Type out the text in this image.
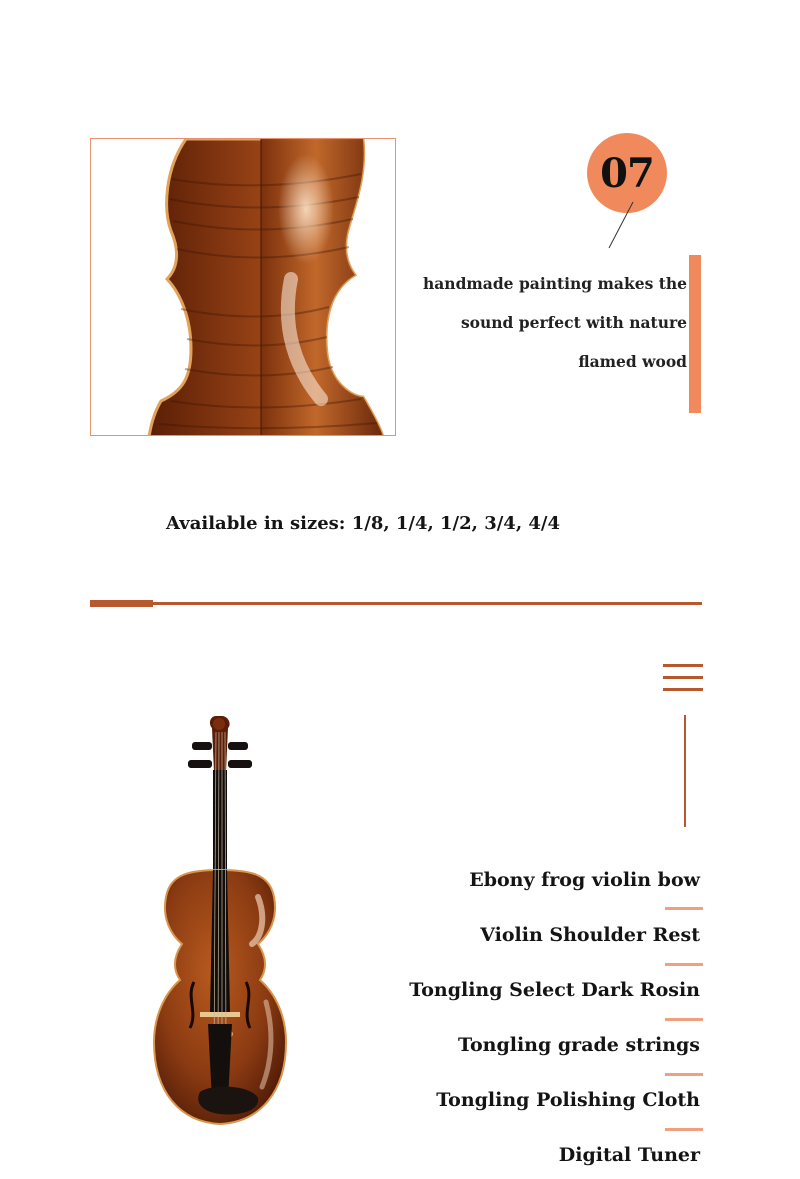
07
handmade painting makes the
sound perfect with nature
flamed wood
Available in sizes: 1/8, 1/4, 1/2, 3/4, 4/4
Ebony frog violin bow
Violin Shoulder Rest
Tongling Select Dark Rosin
Tongling grade strings
Tongling Polishing Cloth
Digital Tuner
